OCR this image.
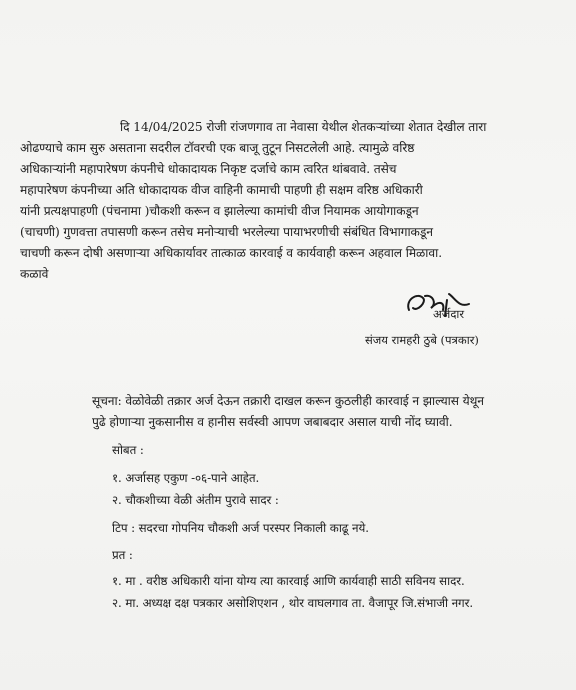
दि 14/04/2025 रोजी रांजणगाव ता नेवासा येथील शेतकऱ्यांच्या शेतात देखील तारा
ओढण्याचे काम सुरु असताना सदरील टॉवरची एक बाजू तुटून निसटलेली आहे. त्यामुळे वरिष्ठ
अधिकाऱ्यांनी महापारेषण कंपनीचे धोकादायक निकृष्ट दर्जाचे काम त्वरित थांबवावे. तसेच
महापारेषण कंपनीच्या अति धोकादायक वीज वाहिनी कामाची पाहणी ही सक्षम वरिष्ठ अधिकारी
यांनी प्रत्यक्षपाहणी (पंचनामा )चौकशी करून व झालेल्या कामांची वीज नियामक आयोगाकडून
(चाचणी) गुणवत्ता तपासणी करून तसेच मनोऱ्याची भरलेल्या पायाभरणीची संबंधित विभागाकडून
चाचणी करून दोषी असणाऱ्या अधिकार्यावर तात्काळ कारवाई व कार्यवाही करून अहवाल मिळावा.
कळावे
अर्जदार
संजय रामहरी ठुबे (पत्रकार)
सूचना: वेळोवेळी तक्रार अर्ज देऊन तक्रारी दाखल करून कुठलीही कारवाई न झाल्यास येथून
पुढे होणाऱ्या नुकसानीस व हानीस सर्वस्वी आपण जबाबदार असाल याची नोंद घ्यावी.
सोबत :
१. अर्जासह एकुण -०६-पाने आहेत.
२. चौकशीच्या वेळी अंतीम पुरावे सादर :
टिप : सदरचा गोपनिय चौकशी अर्ज परस्पर निकाली काढू नये.
प्रत :
१. मा . वरीष्ठ अधिकारी यांना योग्य त्या कारवाई आणि कार्यवाही साठी सविनय सादर.
२. मा. अध्यक्ष दक्ष पत्रकार असोशिएशन , थोर वाघलगाव ता. वैजापूर जि.संभाजी नगर.
